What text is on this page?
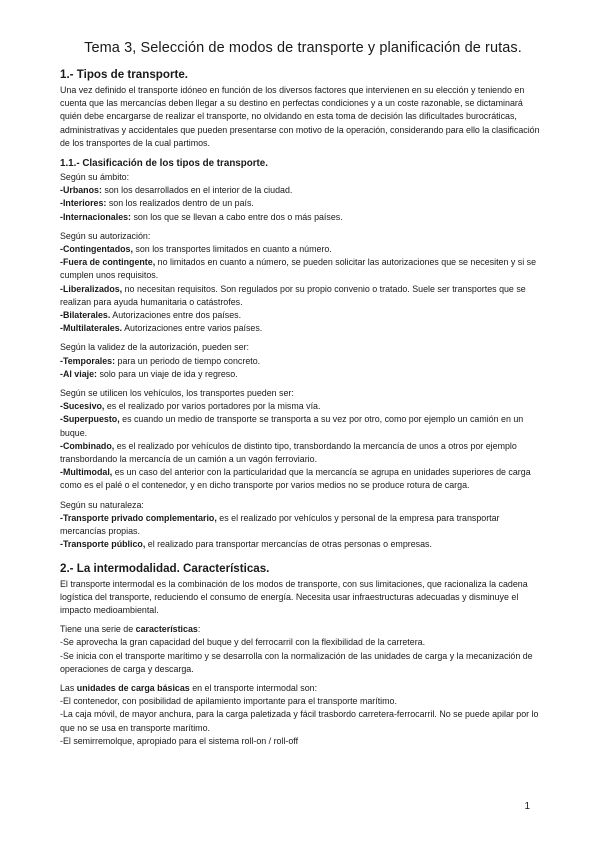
Tema 3, Selección de modos de transporte y planificación de rutas.
1.- Tipos de transporte.

Una vez definido el transporte idóneo en función de los diversos factores que intervienen en su elección y teniendo en cuenta que las mercancías deben llegar a su destino en perfectas condiciones y a un coste razonable, se dictaminará quién debe encargarse de realizar el transporte, no olvidando en esta toma de decisión las dificultades burocráticas, administrativas y accidentales que pueden presentarse con motivo de la operación, considerando para ello la clasificación de los transportes de la cual partimos.

1.1.- Clasificación de los tipos de transporte.

Según su ámbito:

-Urbanos: son los desarrollados en el interior de la ciudad.

-Interiores: son los realizados dentro de un país.

-Internacionales: son los que se llevan a cabo entre dos o más países.

Según su autorización:

-Contingentados, son los transportes limitados en cuanto a número.

-Fuera de contingente, no limitados en cuanto a número, se pueden solicitar las autorizaciones que se necesiten y si se cumplen unos requisitos.

-Liberalizados, no necesitan requisitos. Son regulados por su propio convenio o tratado. Suele ser transportes que se realizan para ayuda humanitaria o catástrofes.

-Bilaterales. Autorizaciones entre dos países.

-Multilaterales. Autorizaciones entre varios países.

Según la validez de la autorización, pueden ser:

-Temporales: para un periodo de tiempo concreto.

-Al viaje: solo para un viaje de ida y regreso.

Según se utilicen los vehículos, los transportes pueden ser:

-Sucesivo, es el realizado por varios portadores por la misma vía.

-Superpuesto, es cuando un medio de transporte se transporta a su vez por otro, como por ejemplo un camión en un buque.

-Combinado, es el realizado por vehículos de distinto tipo, transbordando la mercancía de unos a otros por ejemplo transbordando la mercancía de un camión a un vagón ferroviario.

-Multimodal, es un caso del anterior con la particularidad que la mercancía se agrupa en unidades superiores de carga como es el palé o el contenedor, y en dicho transporte por varios medios no se produce rotura de carga.

Según su naturaleza:

-Transporte privado complementario, es el realizado por vehículos y personal de la empresa para transportar mercancías propias.

-Transporte público, el realizado para transportar mercancías de otras personas o empresas.

2.- La intermodalidad. Características.

El transporte intermodal es la combinación de los modos de transporte, con sus limitaciones, que racionaliza la cadena logística del transporte, reduciendo el consumo de energía. Necesita usar infraestructuras adecuadas y disminuye el impacto medioambiental.

Tiene una serie de características:

-Se aprovecha la gran capacidad del buque y del ferrocarril con la flexibilidad de la carretera.

-Se inicia con el transporte marítimo y se desarrolla con la normalización de las unidades de carga y la mecanización de operaciones de carga y descarga.

Las unidades de carga básicas en el transporte intermodal son:

-El contenedor, con posibilidad de apilamiento importante para el transporte marítimo.

-La caja móvil, de mayor anchura, para la carga paletizada y fácil trasbordo carretera-ferrocarril. No se puede apilar por lo que no se usa en transporte marítimo.

-El semirremolque, apropiado para el sistema roll-on / roll-off

1
